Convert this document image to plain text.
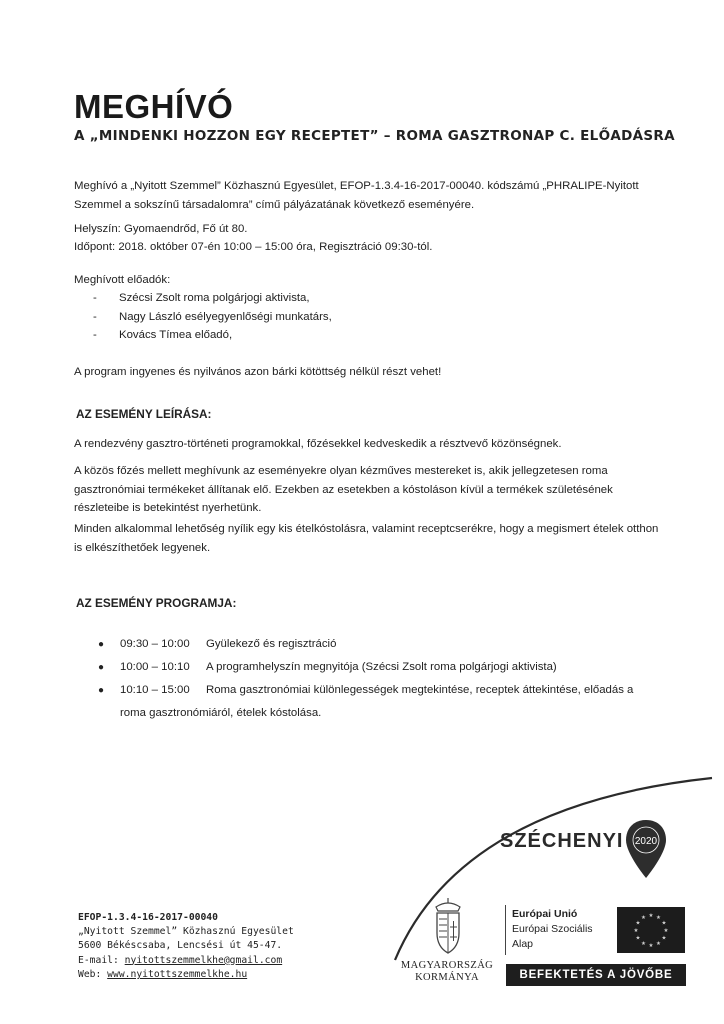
MEGHÍVÓ
A „MINDENKI HOZZON EGY RECEPTET” – ROMA GASZTRONAP C. ELŐADÁSRA
Meghívó a „Nyitott Szemmel” Közhasznú Egyesület, EFOP-1.3.4-16-2017-00040. kódszámú „PHRALIPE-Nyitott Szemmel a sokszínű társadalomra” című pályázatának következő eseményére.
Helyszín: Gyomaendrőd, Fő út 80.
Időpont: 2018. október 07-én 10:00 – 15:00 óra, Regisztráció 09:30-tól.
Meghívott előadók:
- Szécsi Zsolt roma polgárjogi aktivista,
- Nagy László esélyegyenlőségi munkatárs,
- Kovács Tímea előadó,
A program ingyenes és nyilvános azon bárki kötöttség nélkül részt vehet!
AZ ESEMÉNY LEÍRÁSA:
A rendezvény gasztro-történeti programokkal, főzésekkel kedveskedik a résztvevő közönségnek.
A közös főzés mellett meghívunk az eseményekre olyan kézműves mestereket is, akik jellegzetesen roma gasztronómiai termékeket állítanak elő. Ezekben az esetekben a kóstoláson kívül a termékek születésének részleteibe is betekintést nyerhetünk.
Minden alkalommal lehetőség nyílik egy kis ételkóstolásra, valamint receptcserékre, hogy a megismert ételek otthon is elkészíthetőek legyenek.
AZ ESEMÉNY PROGRAMJA:
● 09:30 – 10:00 Gyülekező és regisztráció
● 10:00 – 10:10 A programhelyszín megnyitója (Szécsi Zsolt roma polgárjogi aktivista)
● 10:10 – 15:00 Roma gasztronómiai különlegességek megtekintése, receptek áttekintése, előadás a roma gasztronómiáról, ételek kóstolása.
SZÉCHENYI 2020
MAGYARORSZÁG
KORMÁNYA
Európai Unió
Európai Szociális
Alap
★
★
★
★
★
★
★
★
★ ★ ★
★
BEFEKTETÉS A JÖVŐBE
EFOP-1.3.4-16-2017-00040
„Nyitott Szemmel” Közhasznú Egyesület
5600 Békéscsaba, Lencsési út 45-47.
E-mail: nyitottszemmelkhe@gmail.com
Web: www.nyitottszemmelkhe.hu
